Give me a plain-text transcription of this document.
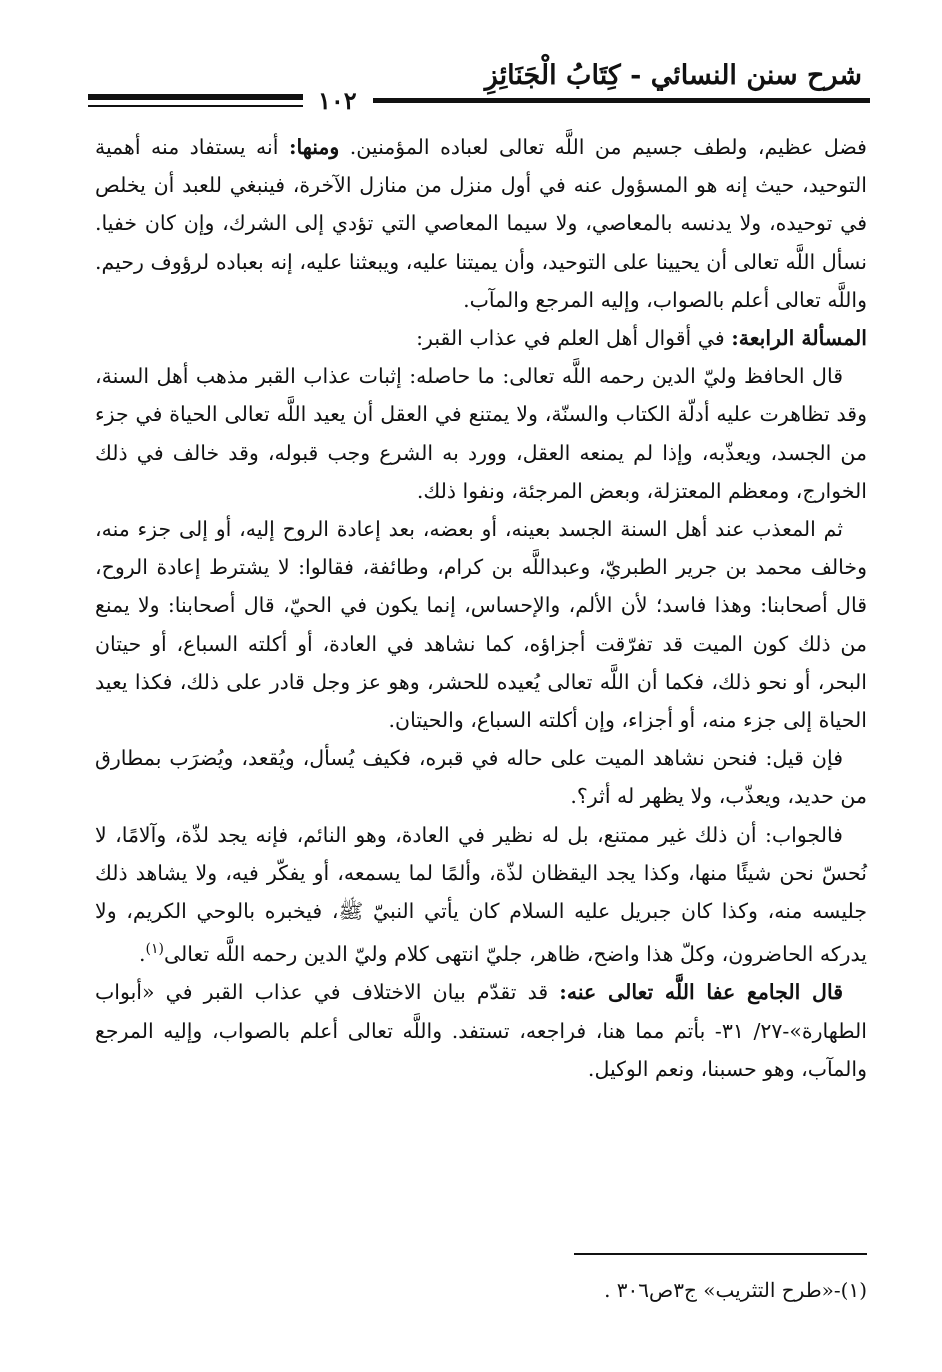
شرح سنن النسائي - كِتَابُ الْجَنَائِزِ
١٠٢

فضل عظيم، ولطف جسيم من اللَّه تعالى لعباده المؤمنين. ومنها: أنه يستفاد منه أهمية التوحيد، حيث إنه هو المسؤول عنه في أول منزل من منازل الآخرة، فينبغي للعبد أن يخلص في توحيده، ولا يدنسه بالمعاصي، ولا سيما المعاصي التي تؤدي إلى الشرك، وإن كان خفيا. نسأل اللَّه تعالى أن يحيينا على التوحيد، وأن يميتنا عليه، ويبعثنا عليه، إنه بعباده لرؤوف رحيم. واللَّه تعالى أعلم بالصواب، وإليه المرجع والمآب.

المسألة الرابعة: في أقوال أهل العلم في عذاب القبر:

قال الحافظ وليّ الدين رحمه اللَّه تعالى: ما حاصله: إثبات عذاب القبر مذهب أهل السنة، وقد تظاهرت عليه أدلّة الكتاب والسنّة، ولا يمتنع في العقل أن يعيد اللَّه تعالى الحياة في جزء من الجسد، ويعذّبه، وإذا لم يمنعه العقل، وورد به الشرع وجب قبوله، وقد خالف في ذلك الخوارج، ومعظم المعتزلة، وبعض المرجئة، ونفوا ذلك.

ثم المعذب عند أهل السنة الجسد بعينه، أو بعضه، بعد إعادة الروح إليه، أو إلى جزء منه، وخالف محمد بن جرير الطبريّ، وعبداللَّه بن كرام، وطائفة، فقالوا: لا يشترط إعادة الروح، قال أصحابنا: وهذا فاسد؛ لأن الألم، والإحساس، إنما يكون في الحيّ، قال أصحابنا: ولا يمنع من ذلك كون الميت قد تفرّقت أجزاؤه، كما نشاهد في العادة، أو أكلته السباع، أو حيتان البحر، أو نحو ذلك، فكما أن اللَّه تعالى يُعيده للحشر، وهو عز وجل قادر على ذلك، فكذا يعيد الحياة إلى جزء منه، أو أجزاء، وإن أكلته السباع، والحيتان.

فإن قيل: فنحن نشاهد الميت على حاله في قبره، فكيف يُسأل، ويُقعد، ويُضرَب بمطارق من حديد، ويعذّب، ولا يظهر له أثر؟.

فالجواب: أن ذلك غير ممتنع، بل له نظير في العادة، وهو النائم، فإنه يجد لذّة، وآلامًا، لا نُحسّ نحن شيئًا منها، وكذا يجد اليقظان لذّة، وألمًا لما يسمعه، أو يفكّر فيه، ولا يشاهد ذلك جليسه منه، وكذا كان جبريل عليه السلام كان يأتي النبيّ ﷺ، فيخبره بالوحي الكريم، ولا يدركه الحاضرون، وكلّ هذا واضح، ظاهر، جليّ انتهى كلام وليّ الدين رحمه اللَّه تعالى$^{(١)}$.

قال الجامع عفا اللَّه تعالى عنه: قد تقدّم بيان الاختلاف في عذاب القبر في «أبواب الطهارة»-٢٧/ ٣١- بأتم مما هنا، فراجعه، تستفد. واللَّه تعالى أعلم بالصواب، وإليه المرجع والمآب، وهو حسبنا، ونعم الوكيل.

(١)-«طرح التثريب» ج٣ص٣٠٦ .
